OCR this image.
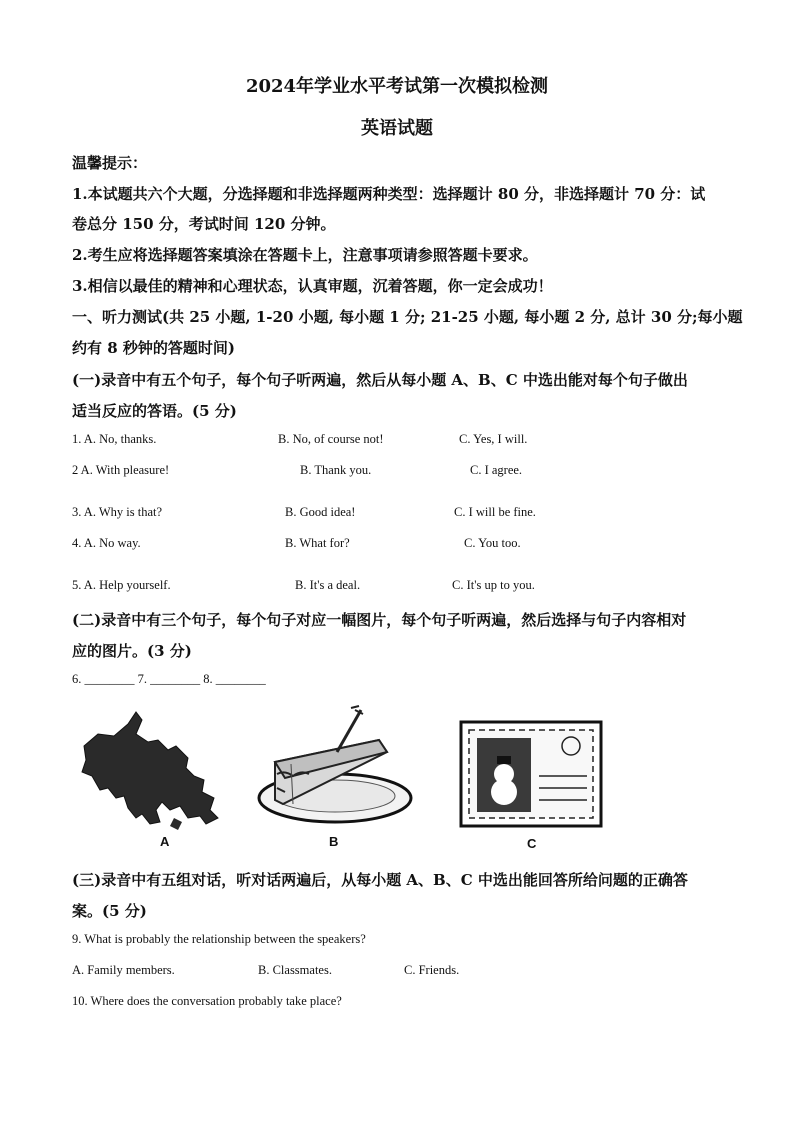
2024年学业水平考试第一次模拟检测
英语试题
温馨提示：
1.本试题共六个大题，分选择题和非选择题两种类型：选择题计 80 分，非选择题计 70 分：试
卷总分 150 分，考试时间 120 分钟。
2.考生应将选择题答案填涂在答题卡上，注意事项请参照答题卡要求。
3.相信以最佳的精神和心理状态，认真审题，沉着答题，你一定会成功！
一、听力测试(共 25 小题, 1-20 小题, 每小题 1 分; 21-25 小题, 每小题 2 分, 总计 30 分;每小题
约有 8 秒钟的答题时间)
(一)录音中有五个句子，每个句子听两遍，然后从每小题 A、B、C 中选出能对每个句子做出
适当反应的答语。(5 分)
1. A. No, thanks.	B. No, of course not!	C. Yes, I will.
2 A. With pleasure!	B. Thank you.	C. I agree.
3. A. Why is that?	B. Good idea!	C. I will be fine.
4. A. No way.	B. What for?	C. You too.
5. A. Help yourself.	B. It's a deal.	C. It's up to you.
(二)录音中有三个句子，每个句子对应一幅图片，每个句子听两遍，然后选择与句子内容相对
应的图片。(3 分)
6. ________ 7. ________ 8. ________
A	B	C
(三)录音中有五组对话，听对话两遍后，从每小题 A、B、C 中选出能回答所给问题的正确答
案。(5 分)
9. What is probably the relationship between the speakers?
A. Family members.	B. Classmates.	C. Friends.
10. Where does the conversation probably take place?
